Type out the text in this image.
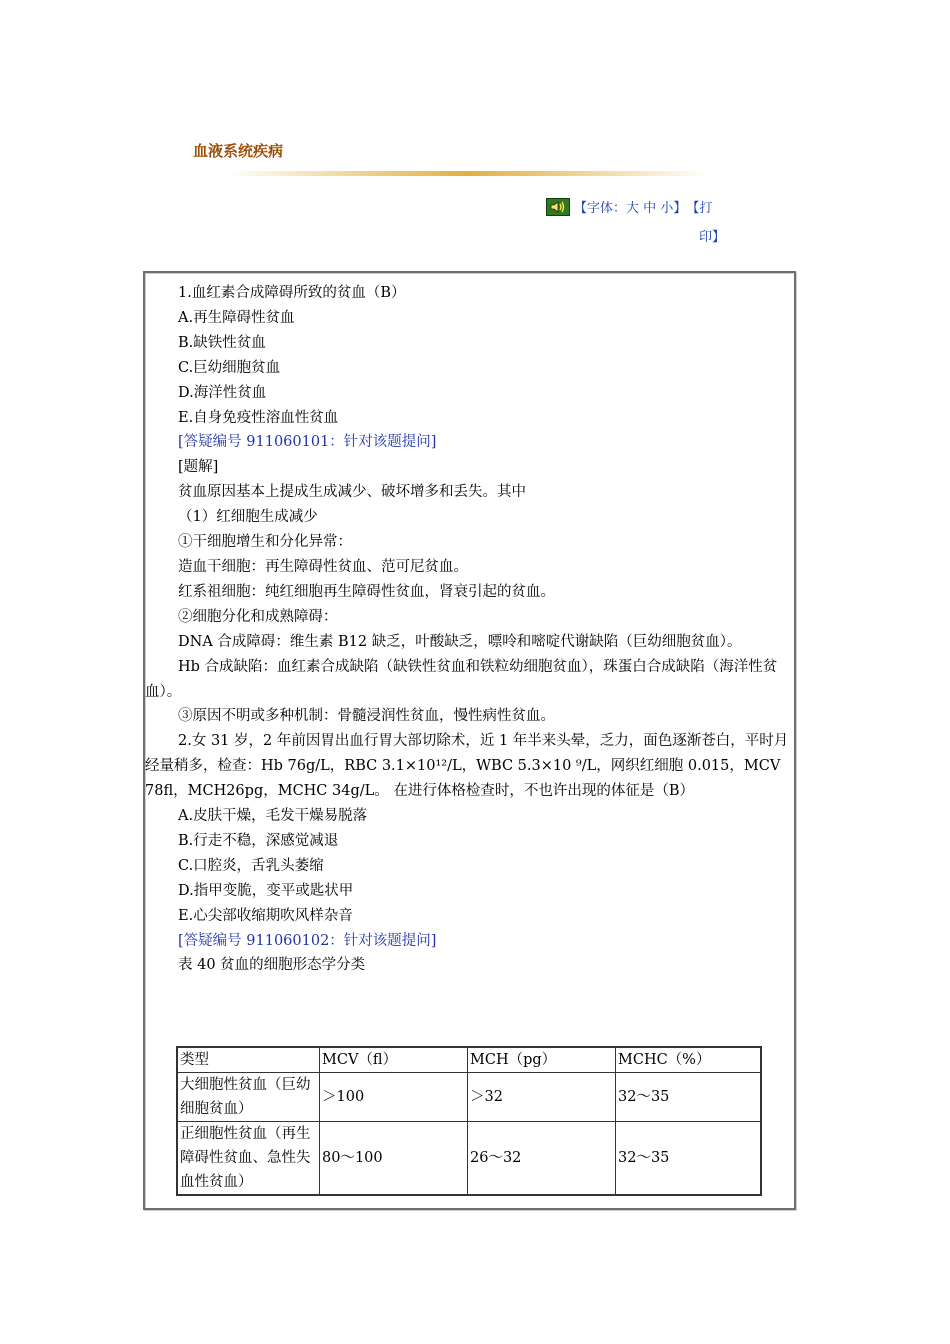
血液系统疾病
【字体： 大
中
小 】 【打
印】

1.血红素合成障碍所致的贫血（B）

A.再生障碍性贫血

B.缺铁性贫血

C.巨幼细胞贫血

D.海洋性贫血

E.自身免疫性溶血性贫血

[答疑编号 911060101：针对该题提问]

[题解]

贫血原因基本上提成生成减少、破坏增多和丢失。其中

（1）红细胞生成减少

①干细胞增生和分化异常：

造血干细胞：再生障碍性贫血、范可尼贫血。

红系祖细胞：纯红细胞再生障碍性贫血，肾衰引起的贫血。

②细胞分化和成熟障碍：

DNA 合成障碍：维生素 B12 缺乏，叶酸缺乏，嘌呤和嘧啶代谢缺陷（巨幼细胞贫血）。

Hb 合成缺陷：血红素合成缺陷（缺铁性贫血和铁粒幼细胞贫血），珠蛋白合成缺陷（海洋性贫血）。

③原因不明或多种机制：骨髓浸润性贫血，慢性病性贫血。

2.女 31 岁，2 年前因胃出血行胃大部切除术，近 1 年半来头晕，乏力，面色逐渐苍白，平时月经量稍多，检查：Hb 76g/L，RBC 3.1×10¹²/L，WBC 5.3×10 ⁹/L，网织红细胞 0.015，MCV 78fl，MCH26pg，MCHC 34g/L。 在进行体格检查时，不也许出现的体征是（B）

A.皮肤干燥，毛发干燥易脱落

B.行走不稳，深感觉减退

C.口腔炎，舌乳头萎缩

D.指甲变脆，变平或匙状甲

E.心尖部收缩期吹风样杂音

[答疑编号 911060102：针对该题提问]

表 40 贫血的细胞形态学分类

类型	MCV（fl）	MCH（pg）	MCHC（%）
大细胞性贫血（巨幼细胞贫血）	＞100	＞32	32～35
正细胞性贫血（再生障碍性贫血、急性失血性贫血）	80～100	26～32	32～35
